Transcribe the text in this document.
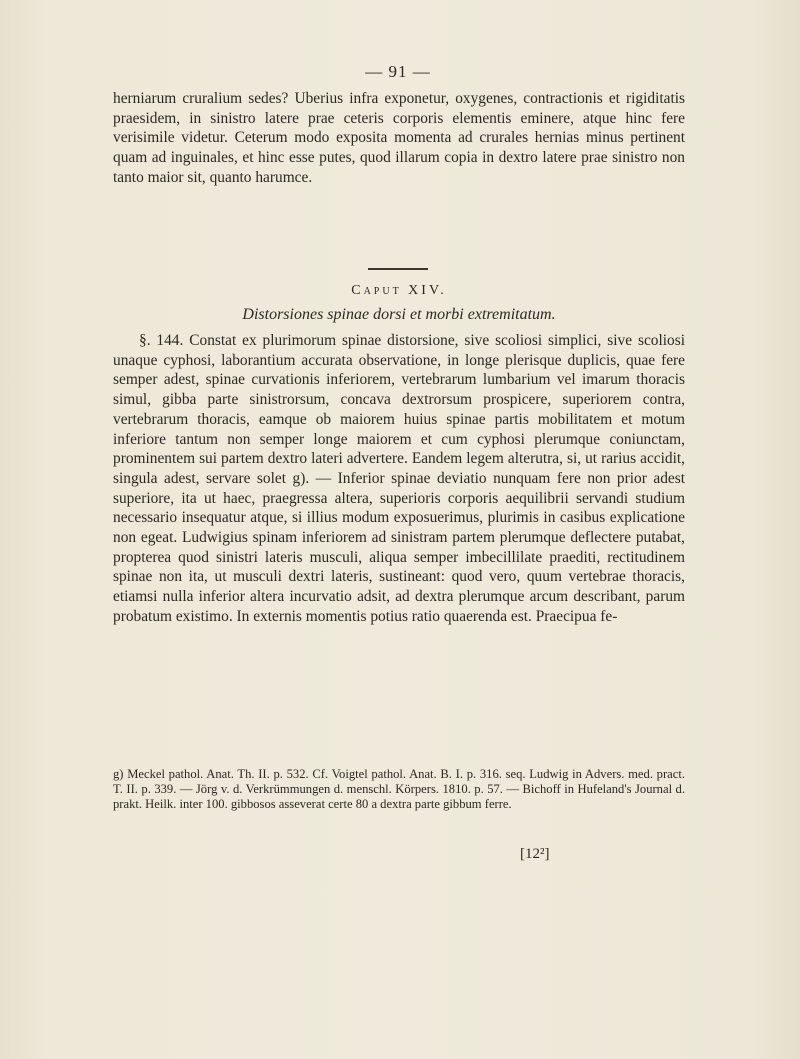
— 91 —

herniarum cruralium sedes? Uberius infra exponetur, oxygenes, contractionis et rigiditatis praesidem, in sinistro latere prae ceteris corporis elementis eminere, atque hinc fere verisimile videtur. Ceterum modo exposita momenta ad crurales hernias minus pertinent quam ad inguinales, et hinc esse putes, quod illarum copia in dextro latere prae sinistro non tanto maior sit, quanto harumce.

Caput XIV.
Distorsiones spinae dorsi et morbi extremitatum.

§. 144. Constat ex plurimorum spinae distorsione, sive scoliosi simplici, sive scoliosi unaque cyphosi, laborantium accurata observatione, in longe plerisque duplicis, quae fere semper adest, spinae curvationis inferiorem, vertebrarum lumbarium vel imarum thoracis simul, gibba parte sinistrorsum, concava dextrorsum prospicere, superiorem contra, vertebrarum thoracis, eamque ob maiorem huius spinae partis mobilitatem et motum inferiore tantum non semper longe maiorem et cum cyphosi plerumque coniunctam, prominentem sui partem dextro lateri advertere. Eandem legem alterutra, si, ut rarius accidit, singula adest, servare solet g). — Inferior spinae deviatio nunquam fere non prior adest superiore, ita ut haec, praegressa altera, superioris corporis aequilibrii servandi studium necessario insequatur atque, si illius modum exposuerimus, plurimis in casibus explicatione non egeat. Ludwigius spinam inferiorem ad sinistram partem plerumque deflectere putabat, propterea quod sinistri lateris musculi, aliqua semper imbecillilate praediti, rectitudinem spinae non ita, ut musculi dextri lateris, sustineant: quod vero, quum vertebrae thoracis, etiamsi nulla inferior altera incurvatio adsit, ad dextra plerumque arcum describant, parum probatum existimo. In externis momentis potius ratio quaerenda est. Praecipua fe-

g) Meckel pathol. Anat. Th. II. p. 532. Cf. Voigtel pathol. Anat. B. I. p. 316. seq. Ludwig in Advers. med. pract. T. II. p. 339. — Jörg v. d. Verkrümmungen d. menschl. Körpers. 1810. p. 57. — Bichoff in Hufeland's Journal d. prakt. Heilk. inter 100. gibbosos asseverat certe 80 a dextra parte gibbum ferre.

[12²]
